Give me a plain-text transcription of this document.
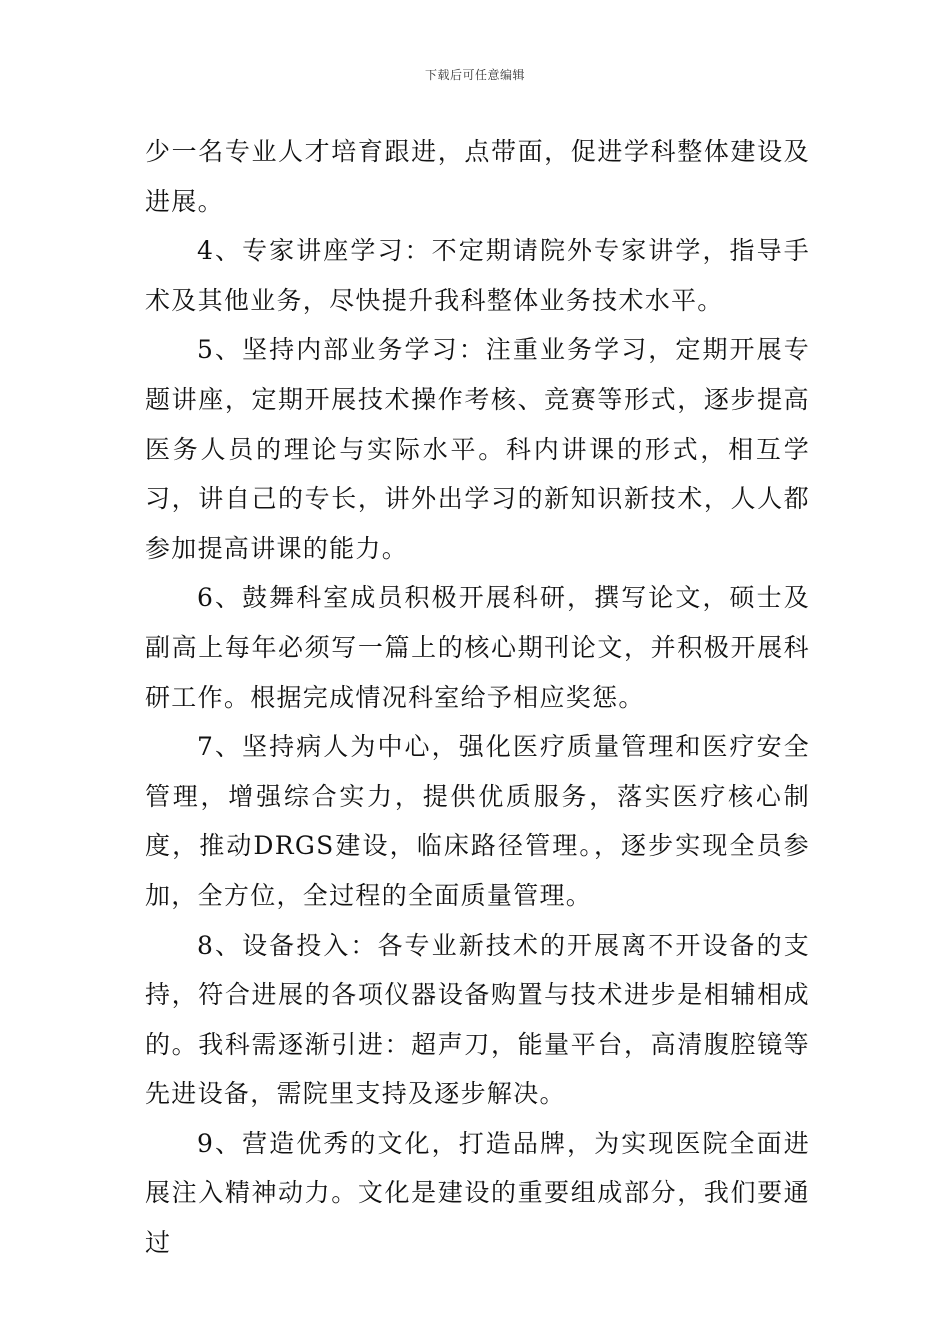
下载后可任意编辑

少一名专业人才培育跟进，点带面，促进学科整体建设及进展。

4、专家讲座学习：不定期请院外专家讲学，指导手术及其他业务，尽快提升我科整体业务技术水平。

5、坚持内部业务学习：注重业务学习，定期开展专题讲座，定期开展技术操作考核、竞赛等形式，逐步提高医务人员的理论与实际水平。科内讲课的形式，相互学习，讲自己的专长，讲外出学习的新知识新技术，人人都参加提高讲课的能力。

6、鼓舞科室成员积极开展科研，撰写论文，硕士及副高上每年必须写一篇上的核心期刊论文，并积极开展科研工作。根据完成情况科室给予相应奖惩。

7、坚持病人为中心，强化医疗质量管理和医疗安全管理，增强综合实力，提供优质服务，落实医疗核心制度，推动DRGS建设，临床路径管理。，逐步实现全员参加，全方位，全过程的全面质量管理。

8、设备投入：各专业新技术的开展离不开设备的支持，符合进展的各项仪器设备购置与技术进步是相辅相成的。我科需逐渐引进：超声刀，能量平台，高清腹腔镜等先进设备，需院里支持及逐步解决。

9、营造优秀的文化，打造品牌，为实现医院全面进展注入精神动力。文化是建设的重要组成部分，我们要通过
